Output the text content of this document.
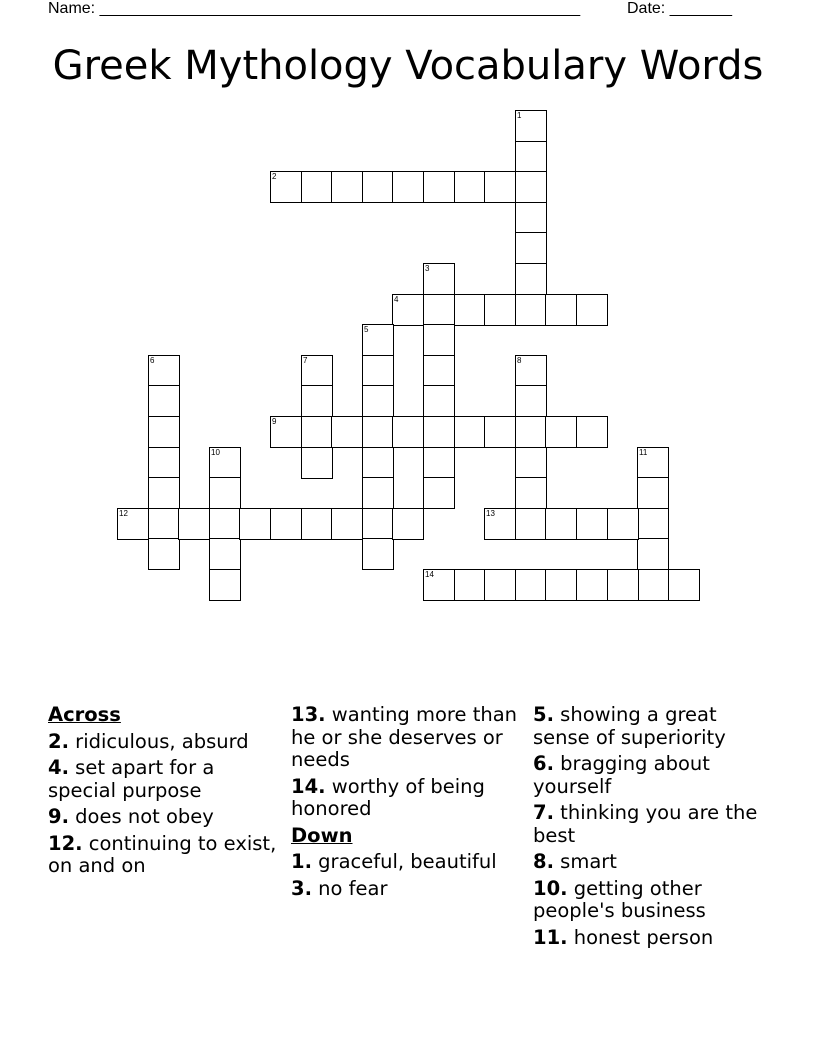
Name: ______________________________________________________	Date: _______
Greek Mythology Vocabulary Words
1
2
3
4
5
6	7	8
9
10	11
12	13
14
Across
2. ridiculous, absurd
4. set apart for a special purpose
9. does not obey
12. continuing to exist, on and on
13. wanting more than he or she deserves or needs
14. worthy of being honored
Down
1. graceful, beautiful
3. no fear
5. showing a great sense of superiority
6. bragging about yourself
7. thinking you are the best
8. smart
10. getting other people's business
11. honest person
